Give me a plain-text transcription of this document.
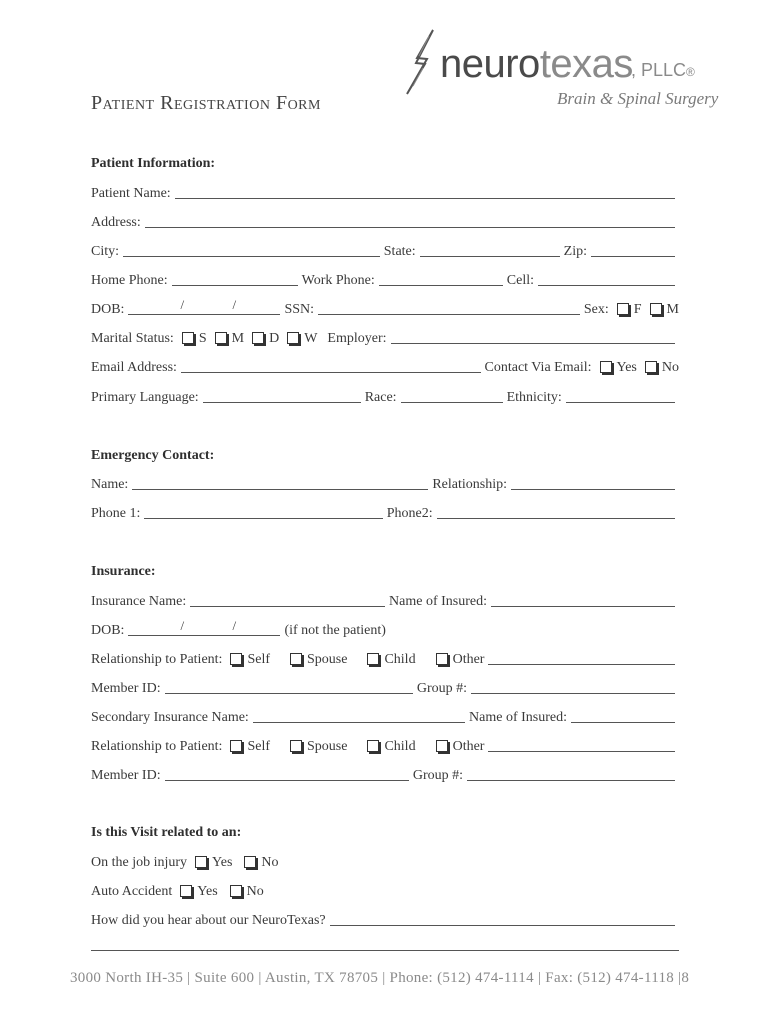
neurotexas
, PLLC®
Brain & Spinal Surgery
Patient Registration Form
Patient Information:
Patient Name:
Address:
City:	State:	Zip:
Home Phone:	Work Phone:	Cell:
DOB:	/	/	SSN:	Sex: F M
Marital Status: S M D W Employer:
Email Address:	Contact Via Email: Yes No
Primary Language:	Race:	Ethnicity:
Emergency Contact:
Name:	Relationship:
Phone 1:	Phone2:
Insurance:
Insurance Name:	Name of Insured:
DOB:	/	/	(if not the patient)
Relationship to Patient: Self	Spouse	Child	Other
Member ID:	Group #:
Secondary Insurance Name:	Name of Insured:
Relationship to Patient: Self	Spouse	Child	Other
Member ID:	Group #:
Is this Visit related to an:
On the job injury Yes No
Auto Accident Yes No
How did you hear about our NeuroTexas?
3000 North IH-35 | Suite 600 | Austin, TX 78705 | Phone: (512) 474-1114 | Fax: (512) 474-1118 |8
